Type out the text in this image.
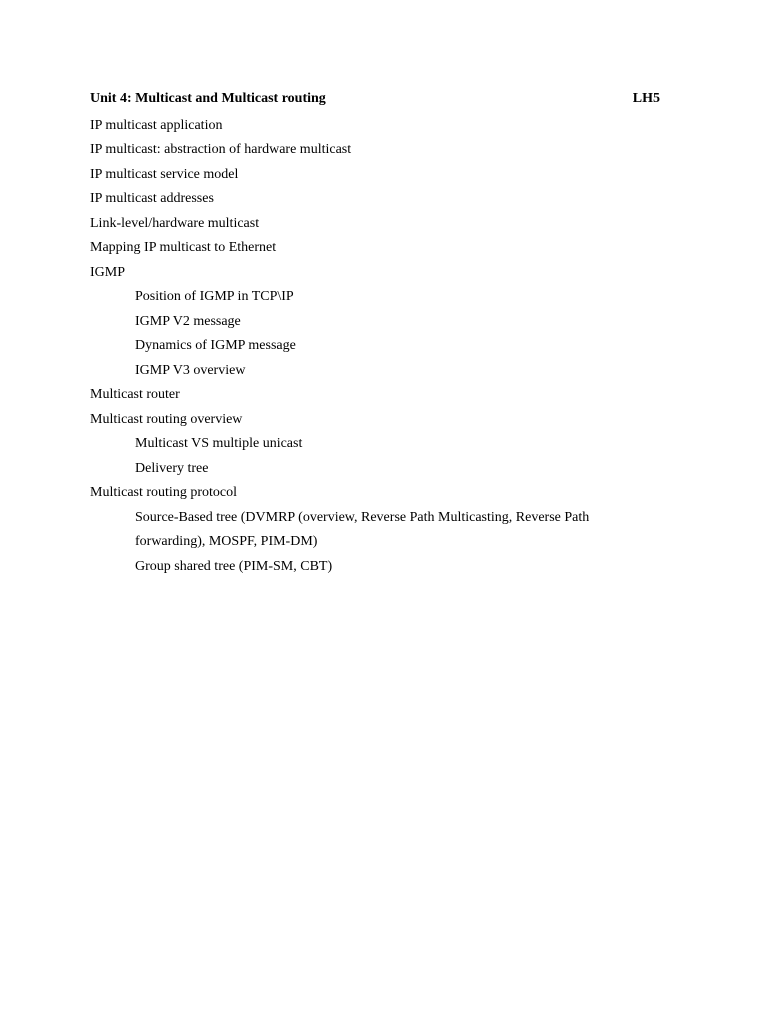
Unit 4: Multicast and Multicast routing	LH5
IP multicast application
IP multicast: abstraction of hardware multicast
IP multicast service model
IP multicast addresses
Link-level/hardware multicast
Mapping IP multicast to Ethernet
IGMP
Position of IGMP in TCP\IP
IGMP V2 message
Dynamics of IGMP message
IGMP V3 overview
Multicast router
Multicast routing overview
Multicast VS multiple unicast
Delivery tree
Multicast routing protocol
Source-Based tree (DVMRP (overview, Reverse Path Multicasting, Reverse Path
forwarding), MOSPF, PIM-DM)
Group shared tree (PIM-SM, CBT)
